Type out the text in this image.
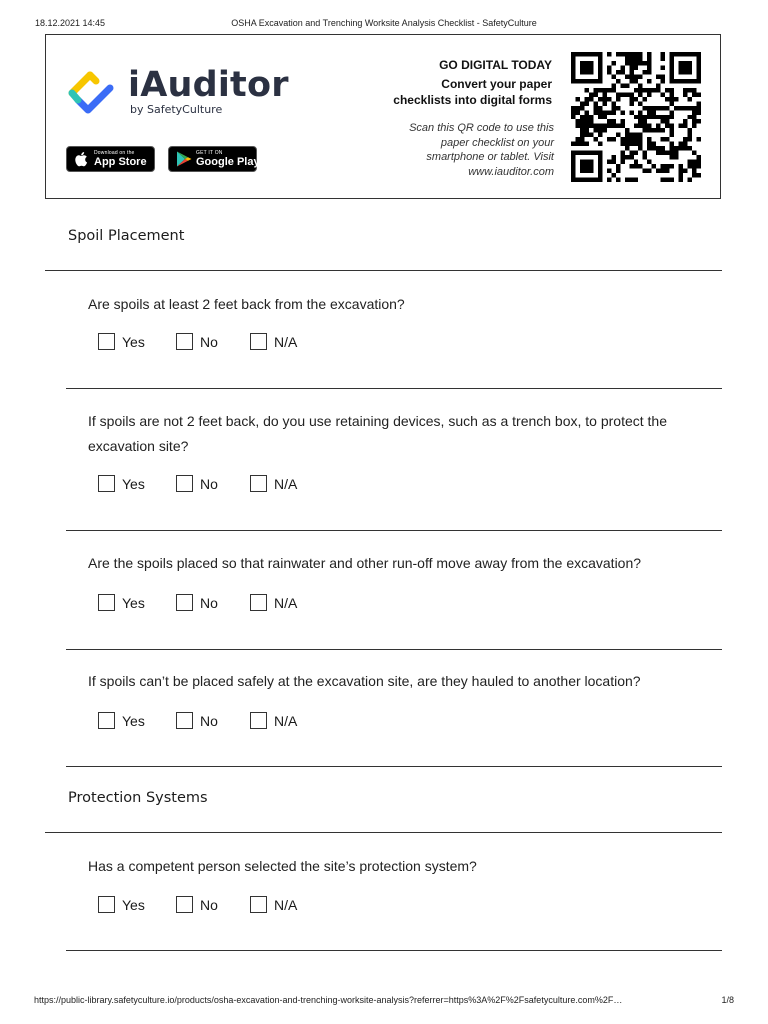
OSHA Excavation and Trenching Worksite Analysis Checklist - SafetyCulture
18.12.2021 14:45
iAuditor
by SafetyCulture
Download on the
App Store
GET IT ON
Google Play
GO DIGITAL TODAY
Convert your paper
checklists into digital forms
Scan this QR code to use this
paper checklist on your
smartphone or tablet. Visit
www.iauditor.com
Spoil Placement
Are spoils at least 2 feet back from the excavation?
Yes	No	N/A
If spoils are not 2 feet back, do you use retaining devices, such as a trench box, to protect the excavation site?
Yes	No	N/A
Are the spoils placed so that rainwater and other run-off move away from the excavation?
Yes	No	N/A
If spoils can’t be placed safely at the excavation site, are they hauled to another location?
Yes	No	N/A
Protection Systems
Has a competent person selected the site’s protection system?
Yes	No	N/A
https://public-library.safetyculture.io/products/osha-excavation-and-trenching-worksite-analysis?referrer=https%3A%2F%2Fsafetyculture.com%2F…	1/8
